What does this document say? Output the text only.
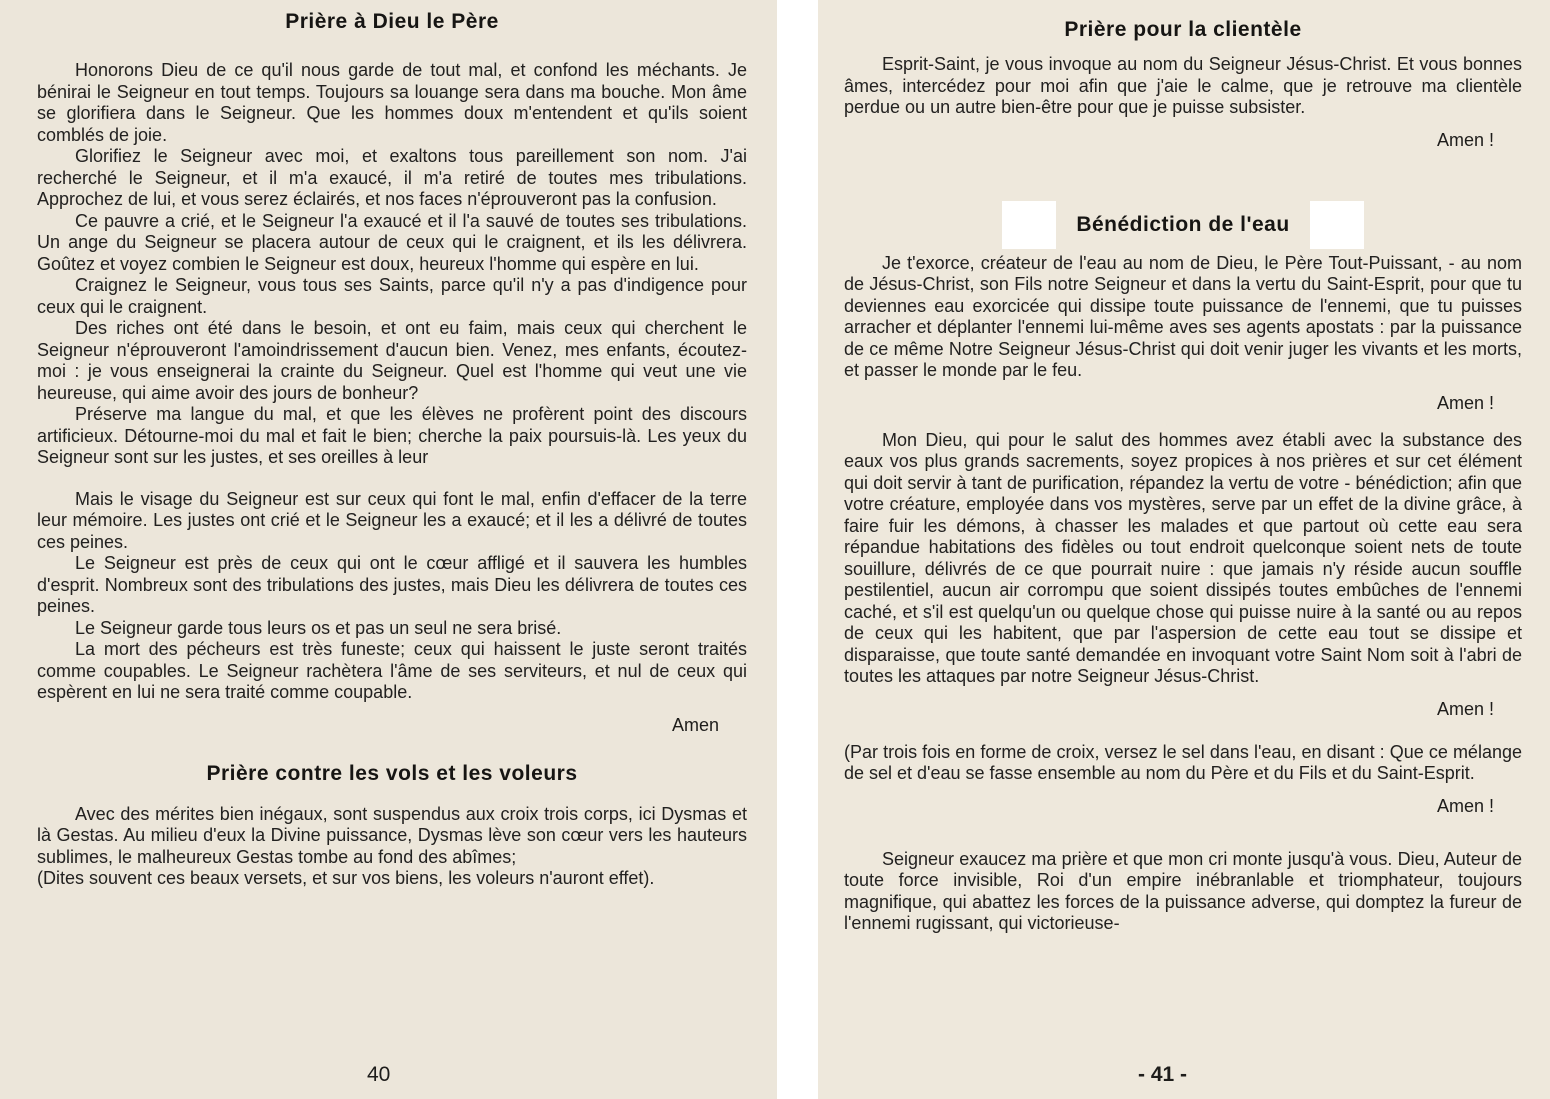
Prière à Dieu le Père

Honorons Dieu de ce qu'il nous garde de tout mal, et confond les méchants. Je bénirai le Seigneur en tout temps. Toujours sa louange sera dans ma bouche. Mon âme se glorifiera dans le Seigneur. Que les hommes doux m'entendent et qu'ils soient comblés de joie.

Glorifiez le Seigneur avec moi, et exaltons tous pareillement son nom. J'ai recherché le Seigneur, et il m'a exaucé, il m'a retiré de toutes mes tribulations. Approchez de lui, et vous serez éclairés, et nos faces n'éprouveront pas la confusion.

Ce pauvre a crié, et le Seigneur l'a exaucé et il l'a sauvé de toutes ses tribulations. Un ange du Seigneur se placera autour de ceux qui le craignent, et ils les délivrera. Goûtez et voyez combien le Seigneur est doux, heureux l'homme qui espère en lui.

Craignez le Seigneur, vous tous ses Saints, parce qu'il n'y a pas d'indigence pour ceux qui le craignent.

Des riches ont été dans le besoin, et ont eu faim, mais ceux qui cherchent le Seigneur n'éprouveront l'amoindrissement d'aucun bien. Venez, mes enfants, écoutez-moi : je vous enseignerai la crainte du Seigneur. Quel est l'homme qui veut une vie heureuse, qui aime avoir des jours de bonheur?

Préserve ma langue du mal, et que les élèves ne profèrent point des discours artificieux. Détourne-moi du mal et fait le bien; cherche la paix poursuis-là. Les yeux du Seigneur sont sur les justes, et ses oreilles à leur

Mais le visage du Seigneur est sur ceux qui font le mal, enfin d'effacer de la terre leur mémoire. Les justes ont crié et le Seigneur les a exaucé; et il les a délivré de toutes ces peines.

Le Seigneur est près de ceux qui ont le cœur affligé et il sauvera les humbles d'esprit. Nombreux sont des tribulations des justes, mais Dieu les délivrera de toutes ces peines.

Le Seigneur garde tous leurs os et pas un seul ne sera brisé.

La mort des pécheurs est très funeste; ceux qui haissent le juste seront traités comme coupables. Le Seigneur rachètera l'âme de ses serviteurs, et nul de ceux qui espèrent en lui ne sera traité comme coupable.

Amen
Prière contre les vols et les voleurs

Avec des mérites bien inégaux, sont suspendus aux croix trois corps, ici Dysmas et là Gestas. Au milieu d'eux la Divine puissance, Dysmas lève son cœur vers les hauteurs sublimes, le malheureux Gestas tombe au fond des abîmes;

(Dites souvent ces beaux versets, et sur vos biens, les voleurs n'auront effet).

40
Prière pour la clientèle

Esprit-Saint, je vous invoque au nom du Seigneur Jésus-Christ. Et vous bonnes âmes, intercédez pour moi afin que j'aie le calme, que je retrouve ma clientèle perdue ou un autre bien-être pour que je puisse subsister.

Amen !
Bénédiction de l'eau

Je t'exorce, créateur de l'eau au nom de Dieu, le Père Tout-Puissant, - au nom de Jésus-Christ, son Fils notre Seigneur et dans la vertu du Saint-Esprit, pour que tu deviennes eau exorcicée qui dissipe toute puissance de l'ennemi, que tu puisses arracher et déplanter l'ennemi lui-même aves ses agents apostats : par la puissance de ce même Notre Seigneur Jésus-Christ qui doit venir juger les vivants et les morts, et passer le monde par le feu.

Amen !

Mon Dieu, qui pour le salut des hommes avez établi avec la substance des eaux vos plus grands sacrements, soyez propices à nos prières et sur cet élément qui doit servir à tant de purification, répandez la vertu de votre - bénédiction; afin que votre créature, employée dans vos mystères, serve par un effet de la divine grâce, à faire fuir les démons, à chasser les malades et que partout où cette eau sera répandue habitations des fidèles ou tout endroit quelconque soient nets de toute souillure, délivrés de ce que pourrait nuire : que jamais n'y réside aucun souffle pestilentiel, aucun air corrompu que soient dissipés toutes embûches de l'ennemi caché, et s'il est quelqu'un ou quelque chose qui puisse nuire à la santé ou au repos de ceux qui les habitent, que par l'aspersion de cette eau tout se dissipe et disparaisse, que toute santé demandée en invoquant votre Saint Nom soit à l'abri de toutes les attaques par notre Seigneur Jésus-Christ.

Amen !

(Par trois fois en forme de croix, versez le sel dans l'eau, en disant : Que ce mélange de sel et d'eau se fasse ensemble au nom du Père et du Fils et du Saint-Esprit.

Amen !

Seigneur exaucez ma prière et que mon cri monte jusqu'à vous. Dieu, Auteur de toute force invisible, Roi d'un empire inébranlable et triomphateur, toujours magnifique, qui abattez les forces de la puissance adverse, qui domptez la fureur de l'ennemi rugissant, qui victorieuse-

- 41 -
